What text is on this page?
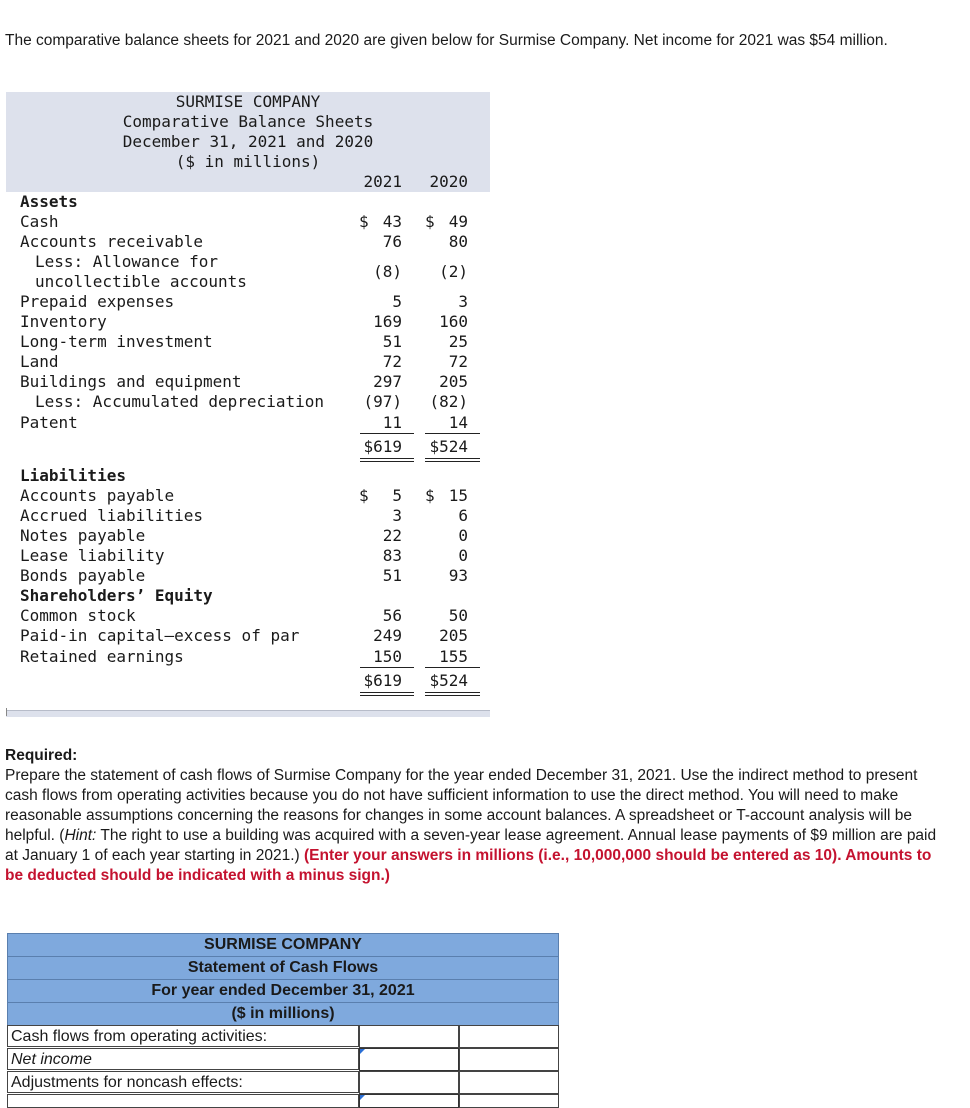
The comparative balance sheets for 2021 and 2020 are given below for Surmise Company. Net income for 2021 was $54 million.
SURMISE COMPANY
Comparative Balance Sheets
December 31, 2021 and 2020
($ in millions)
2021	2020
Assets
$	$
Cash	43	49
Accounts receivable	76	80
Less: Allowance for
uncollectible accounts
(8)	(2)
Prepaid expenses	5	3
Inventory	169	160
Long-term investment	51	25
Land	72	72
Buildings and equipment	297	205
Less: Accumulated depreciation	(97)	(82)
Patent	11	14
$619	$524
Liabilities
$	$
Accounts payable	5	15
Accrued liabilities	3	6
Notes payable	22	0
Lease liability	83	0
Bonds payable	51	93
Shareholders’ Equity
Common stock	56	50
Paid-in capital–excess of par	249	205
Retained earnings	150	155
$619	$524
Required:
Prepare the statement of cash flows of Surmise Company for the year ended December 31, 2021. Use the indirect method to present cash flows from operating activities because you do not have sufficient information to use the direct method. You will need to make reasonable assumptions concerning the reasons for changes in some account balances. A spreadsheet or T-account analysis will be helpful. (Hint: The right to use a building was acquired with a seven-year lease agreement. Annual lease payments of $9 million are paid at January 1 of each year starting in 2021.) (Enter your answers in millions (i.e., 10,000,000 should be entered as 10). Amounts to be deducted should be indicated with a minus sign.)
SURMISE COMPANY
Statement of Cash Flows
For year ended December 31, 2021
($ in millions)
Cash flows from operating activities:
Net income
Adjustments for noncash effects:
